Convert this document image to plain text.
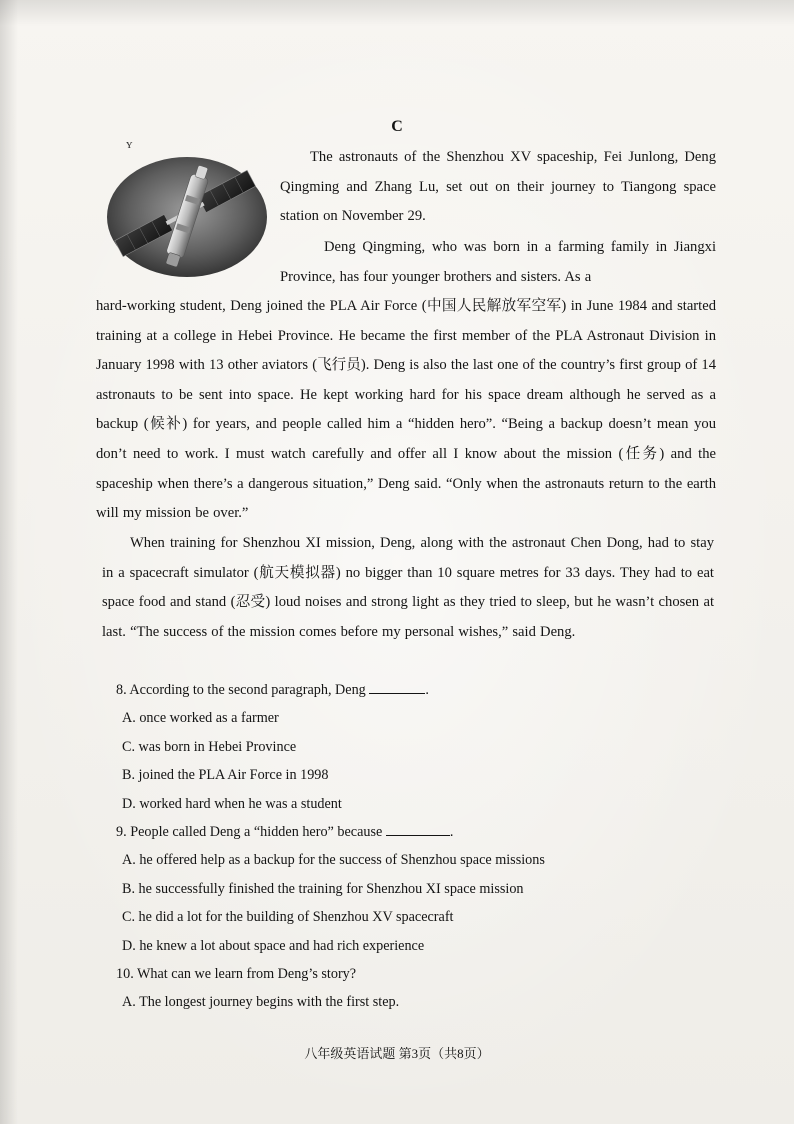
ʏ
C

The astronauts of the Shenzhou XV spaceship, Fei Junlong, Deng Qingming and Zhang Lu, set out on their journey to Tiangong space station on November 29.

Deng Qingming, who was born in a farming family in Jiangxi Province, has four younger brothers and sisters. As a

hard-working student, Deng joined the PLA Air Force (中国人民解放军空军) in June 1984 and started training at a college in Hebei Province. He became the first member of the PLA Astronaut Division in January 1998 with 13 other aviators (飞行员). Deng is also the last one of the country’s first group of 14 astronauts to be sent into space. He kept working hard for his space dream although he served as a backup (候补) for years, and people called him a “hidden hero”. “Being a backup doesn’t mean you don’t need to work. I must watch carefully and offer all I know about the mission (任务) and the spaceship when there’s a dangerous situation,” Deng said. “Only when the astronauts return to the earth will my mission be over.”

When training for Shenzhou XI mission, Deng, along with the astronaut Chen Dong, had to stay in a spacecraft simulator (航天模拟器) no bigger than 10 square metres for 33 days. They had to eat space food and stand (忍受) loud noises and strong light as they tried to sleep, but he wasn’t chosen at last. “The success of the mission comes before my personal wishes,” said Deng.

8. According to the second paragraph, Deng	.

A. once worked as a farmer

C. was born in Hebei Province

B. joined the PLA Air Force in 1998

D. worked hard when he was a student

9. People called Deng a “hidden hero” because	.

A. he offered help as a backup for the success of Shenzhou space missions

B. he successfully finished the training for Shenzhou XI space mission

C. he did a lot for the building of Shenzhou XV spacecraft

D. he knew a lot about space and had rich experience

10. What can we learn from Deng’s story?

A. The longest journey begins with the first step.

八年级英语试题 第3页（共8页）
